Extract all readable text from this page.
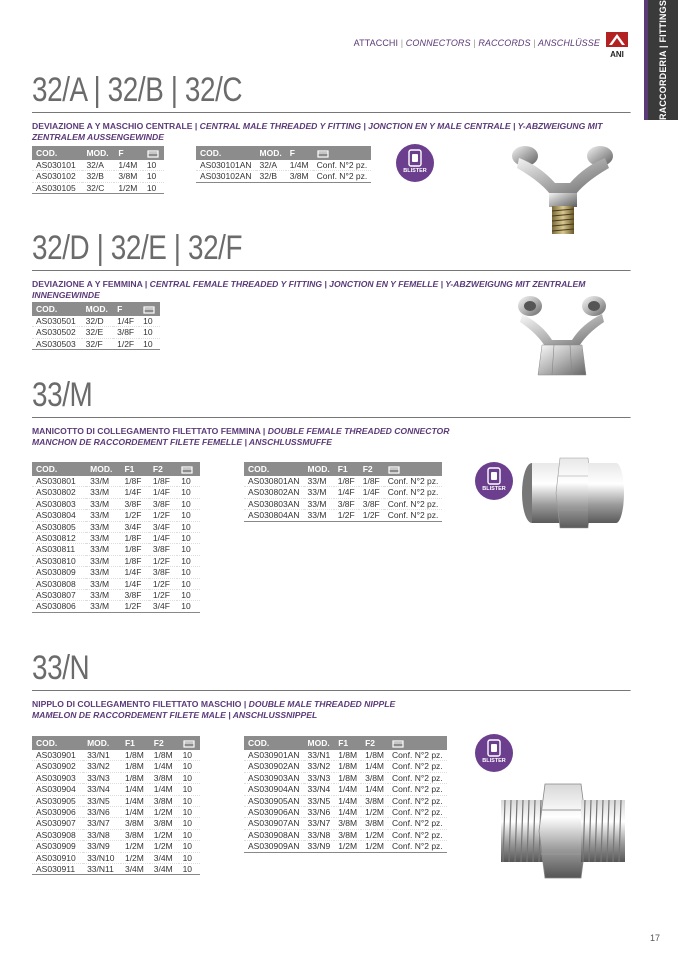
RACCORDERIA | FITTINGS
ATTACCHI | CONNECTORS | RACCORDS | ANSCHLÜSSE
ANI
32/A | 32/B | 32/C
DEVIAZIONE A Y MASCHIO CENTRALE | CENTRAL MALE THREADED Y FITTING | JONCTION EN Y MALE CENTRALE | Y-ABZWEIGUNG MIT ZENTRALEM AUSSENGEWINDE
COD.	MOD.	F	
AS030101	32/A	1/4M	10
AS030102	32/B	3/8M	10
AS030105	32/C	1/2M	10
COD.	MOD.	F	
AS030101AN	32/A	1/4M	Conf. N°2 pz.
AS030102AN	32/B	3/8M	Conf. N°2 pz.
BLISTER
32/D | 32/E | 32/F
DEVIAZIONE A Y FEMMINA | CENTRAL FEMALE THREADED Y FITTING | JONCTION EN Y FEMELLE | Y-ABZWEIGUNG MIT ZENTRALEM INNENGEWINDE
COD.	MOD.	F	
AS030501	32/D	1/4F	10
AS030502	32/E	3/8F	10
AS030503	32/F	1/2F	10
33/M
MANICOTTO DI COLLEGAMENTO FILETTATO FEMMINA | DOUBLE FEMALE THREADED CONNECTOR
MANCHON DE RACCORDEMENT FILETE FEMELLE | ANSCHLUSSMUFFE
COD.	MOD.	F1	F2	
AS030801	33/M	1/8F	1/8F	10
AS030802	33/M	1/4F	1/4F	10
AS030803	33/M	3/8F	3/8F	10
AS030804	33/M	1/2F	1/2F	10
AS030805	33/M	3/4F	3/4F	10
AS030812	33/M	1/8F	1/4F	10
AS030811	33/M	1/8F	3/8F	10
AS030810	33/M	1/8F	1/2F	10
AS030809	33/M	1/4F	3/8F	10
AS030808	33/M	1/4F	1/2F	10
AS030807	33/M	3/8F	1/2F	10
AS030806	33/M	1/2F	3/4F	10
COD.	MOD.	F1	F2	
AS030801AN	33/M	1/8F	1/8F	Conf. N°2 pz.
AS030802AN	33/M	1/4F	1/4F	Conf. N°2 pz.
AS030803AN	33/M	3/8F	3/8F	Conf. N°2 pz.
AS030804AN	33/M	1/2F	1/2F	Conf. N°2 pz.
BLISTER
33/N
NIPPLO DI COLLEGAMENTO FILETTATO MASCHIO | DOUBLE MALE THREADED NIPPLE
MAMELON DE RACCORDEMENT FILETE MALE | ANSCHLUSSNIPPEL
COD.	MOD.	F1	F2	
AS030901	33/N1	1/8M	1/8M	10
AS030902	33/N2	1/8M	1/4M	10
AS030903	33/N3	1/8M	3/8M	10
AS030904	33/N4	1/4M	1/4M	10
AS030905	33/N5	1/4M	3/8M	10
AS030906	33/N6	1/4M	1/2M	10
AS030907	33/N7	3/8M	3/8M	10
AS030908	33/N8	3/8M	1/2M	10
AS030909	33/N9	1/2M	1/2M	10
AS030910	33/N10	1/2M	3/4M	10
AS030911	33/N11	3/4M	3/4M	10
COD.	MOD.	F1	F2	
AS030901AN	33/N1	1/8M	1/8M	Conf. N°2 pz.
AS030902AN	33/N2	1/8M	1/4M	Conf. N°2 pz.
AS030903AN	33/N3	1/8M	3/8M	Conf. N°2 pz.
AS030904AN	33/N4	1/4M	1/4M	Conf. N°2 pz.
AS030905AN	33/N5	1/4M	3/8M	Conf. N°2 pz.
AS030906AN	33/N6	1/4M	1/2M	Conf. N°2 pz.
AS030907AN	33/N7	3/8M	3/8M	Conf. N°2 pz.
AS030908AN	33/N8	3/8M	1/2M	Conf. N°2 pz.
AS030909AN	33/N9	1/2M	1/2M	Conf. N°2 pz.
BLISTER
17
